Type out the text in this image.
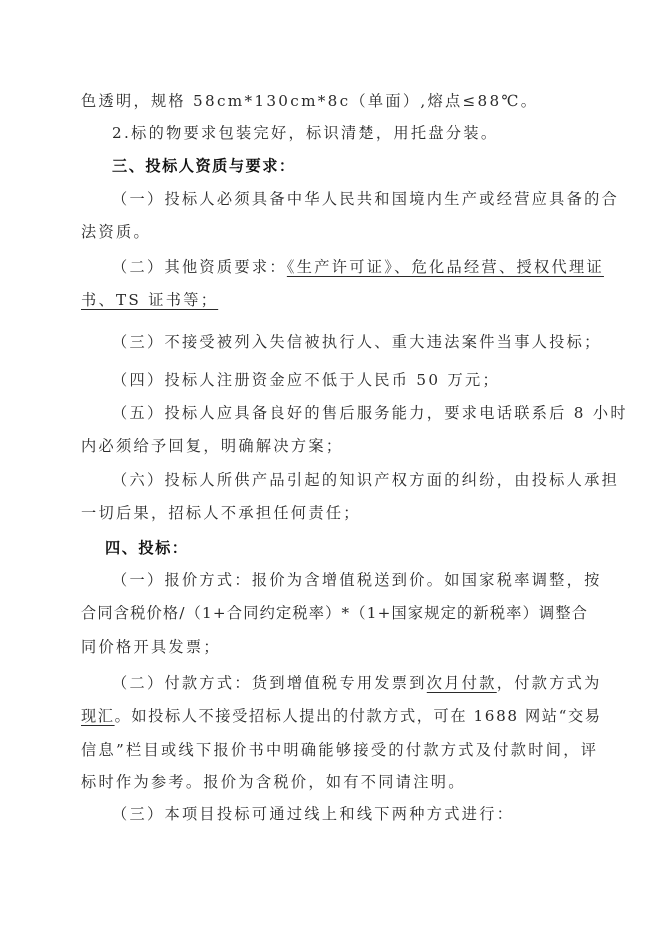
色透明，规格 58cm*130cm*8c（单面）,熔点≤88℃。
2.标的物要求包装完好，标识清楚，用托盘分装。
三、投标人资质与要求：
（一）投标人必须具备中华人民共和国境内生产或经营应具备的合
法资质。
（二）其他资质要求：《生产许可证》、危化品经营、授权代理证
书、TS 证书等；
（三）不接受被列入失信被执行人、重大违法案件当事人投标；
（四）投标人注册资金应不低于人民币 50 万元；
（五）投标人应具备良好的售后服务能力，要求电话联系后 8 小时
内必须给予回复，明确解决方案；
（六）投标人所供产品引起的知识产权方面的纠纷，由投标人承担
一切后果，招标人不承担任何责任；
四、投标：
（一）报价方式：报价为含增值税送到价。如国家税率调整，按
合同含税价格/（1+合同约定税率）*（1+国家规定的新税率）调整合
同价格开具发票；
（二）付款方式：货到增值税专用发票到次月付款，付款方式为
现汇。如投标人不接受招标人提出的付款方式，可在 1688 网站“交易
信息”栏目或线下报价书中明确能够接受的付款方式及付款时间，评
标时作为参考。报价为含税价，如有不同请注明。
（三）本项目投标可通过线上和线下两种方式进行：
